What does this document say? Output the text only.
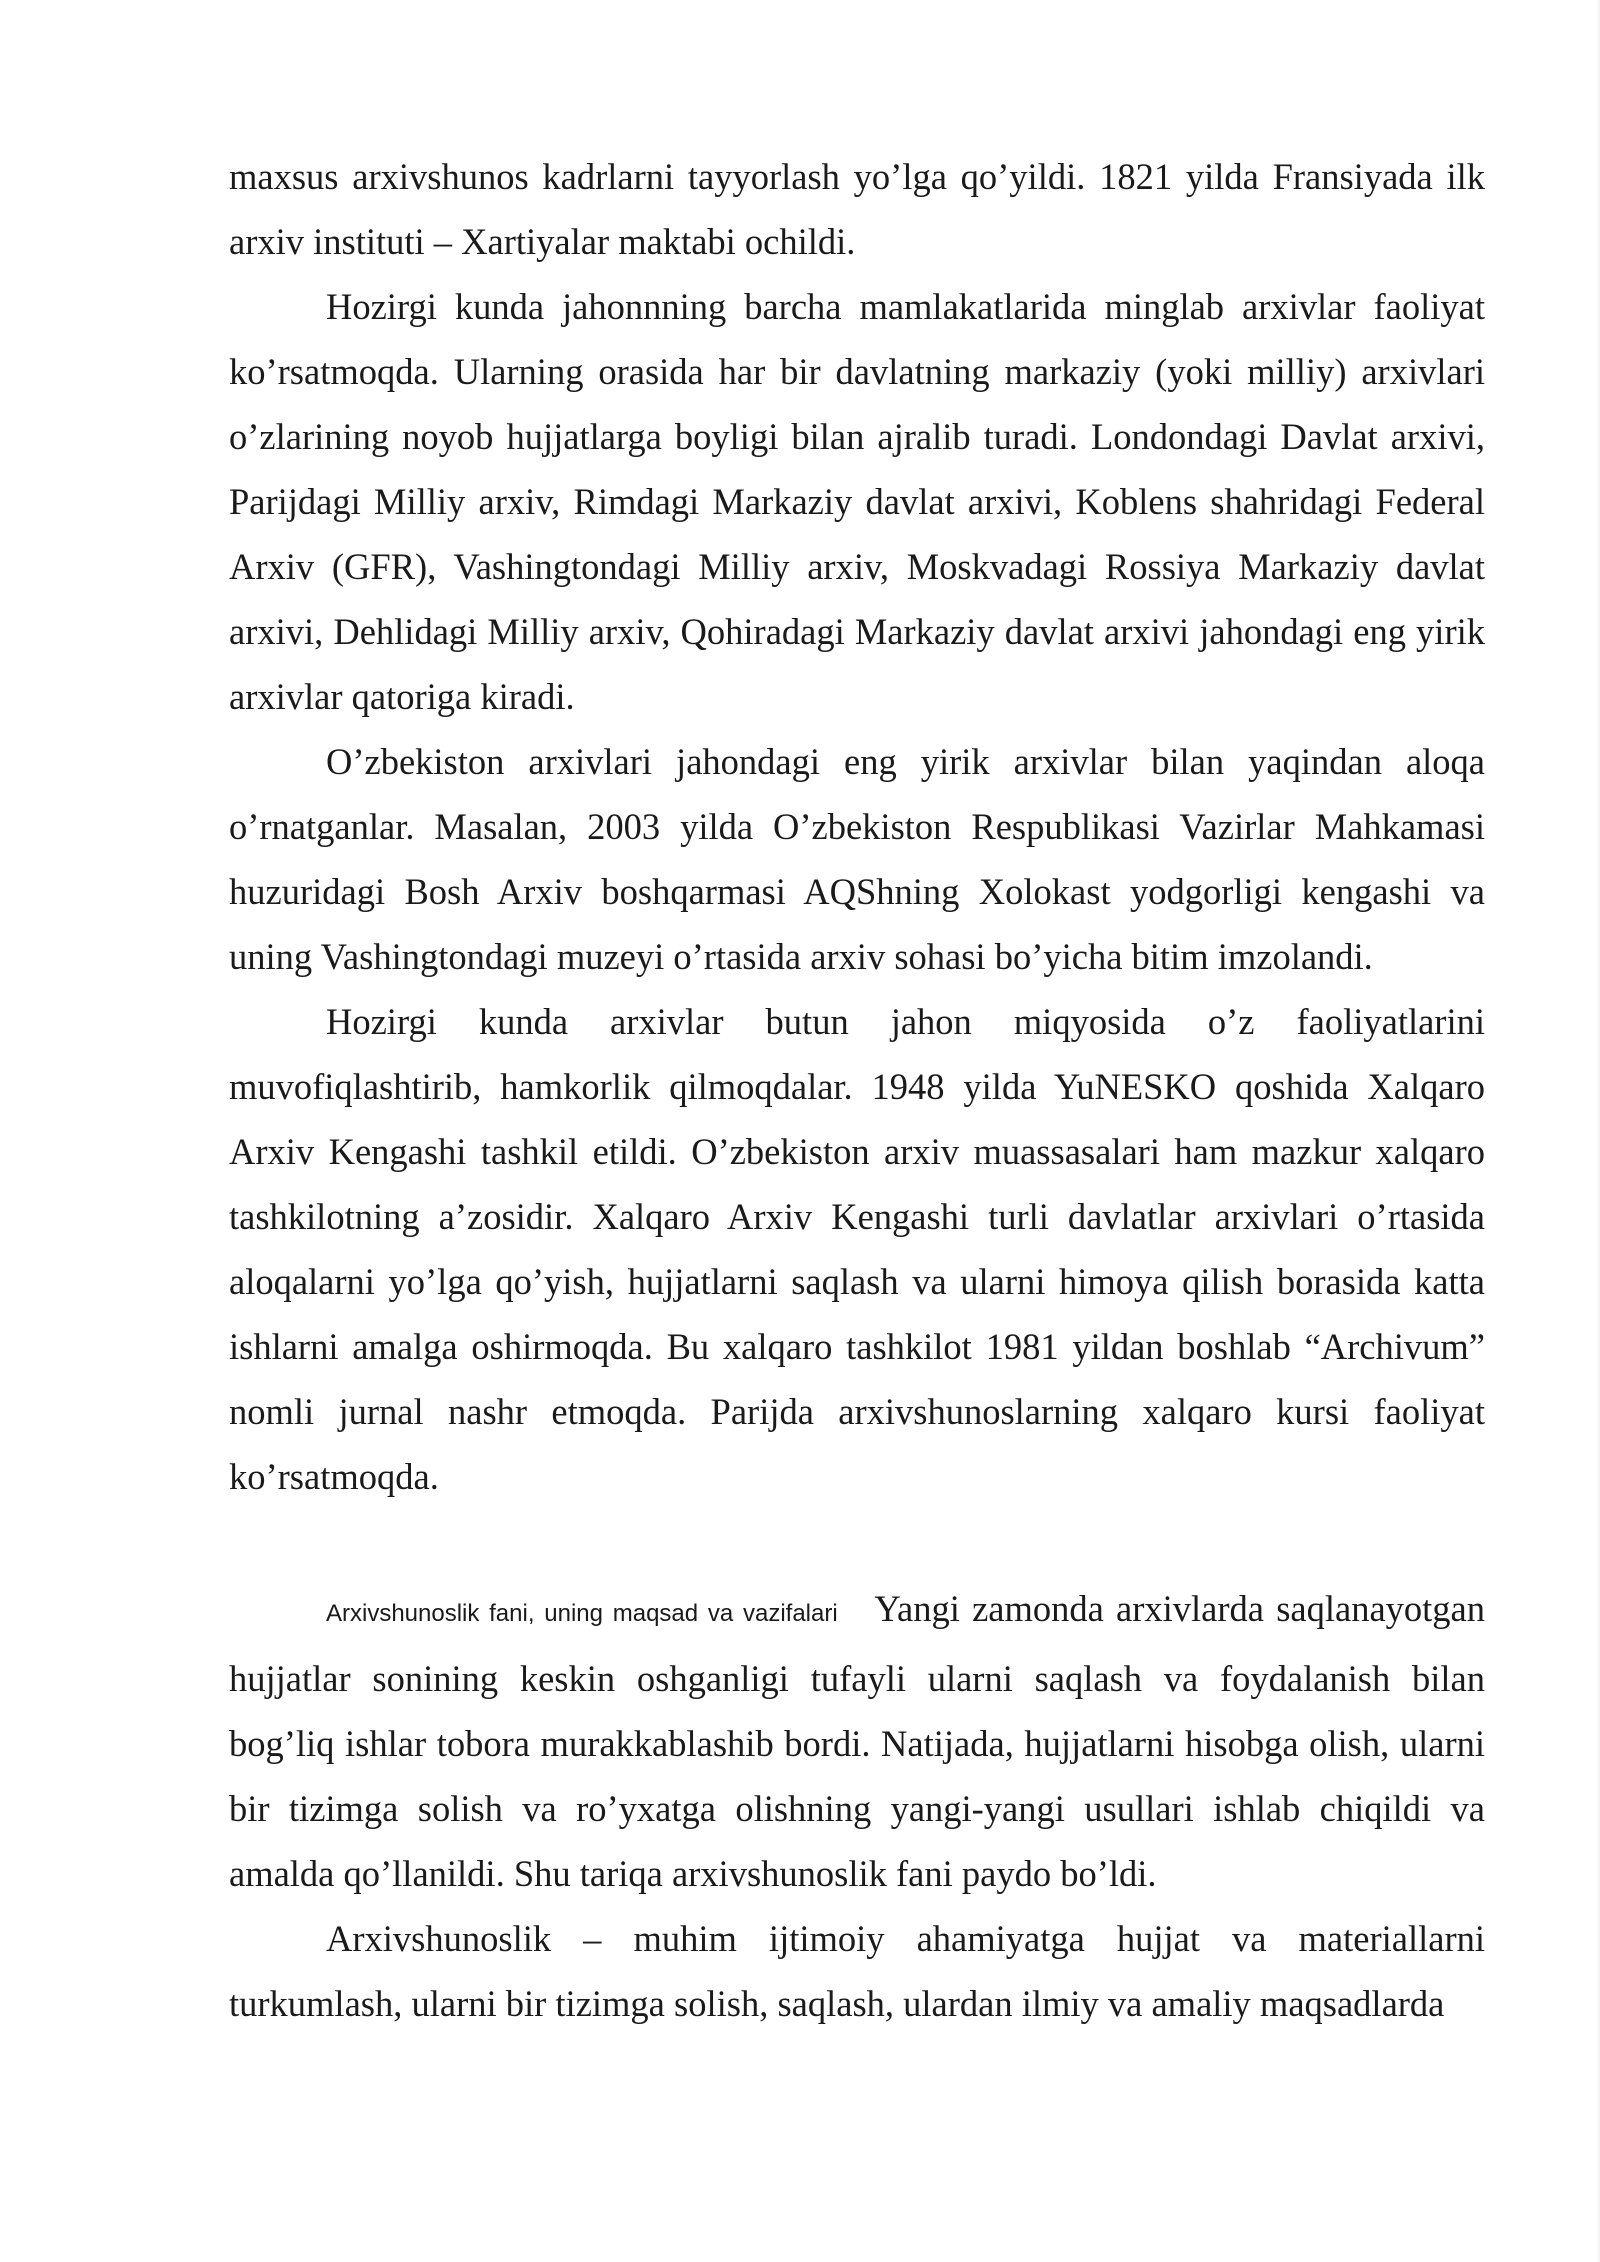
maxsus arxivshunos kadrlarni tayyorlash yo’lga qo’yildi. 1821 yilda Fransiyada ilk arxiv instituti – Xartiyalar maktabi ochildi.

Hozirgi kunda jahonnning barcha mamlakatlarida minglab arxivlar faoliyat ko’rsatmoqda. Ularning orasida har bir davlatning markaziy (yoki milliy) arxivlari o’zlarining noyob hujjatlarga boyligi bilan ajralib turadi. Londondagi Davlat arxivi, Parijdagi Milliy arxiv, Rimdagi Markaziy davlat arxivi, Koblens shahridagi Federal Arxiv (GFR), Vashingtondagi Milliy arxiv, Moskvadagi Rossiya Markaziy davlat arxivi, Dehlidagi Milliy arxiv, Qohiradagi Markaziy davlat arxivi jahondagi eng yirik arxivlar qatoriga kiradi.

O’zbekiston arxivlari jahondagi eng yirik arxivlar bilan yaqindan aloqa o’rnatganlar. Masalan, 2003 yilda O’zbekiston Respublikasi Vazirlar Mahkamasi huzuridagi Bosh Arxiv boshqarmasi AQShning Xolokast yodgorligi kengashi va uning Vashingtondagi muzeyi o’rtasida arxiv sohasi bo’yicha bitim imzolandi.

Hozirgi kunda arxivlar butun jahon miqyosida o’z faoliyatlarini muvofiqlashtirib, hamkorlik qilmoqdalar. 1948 yilda YuNESKO qoshida Xalqaro Arxiv Kengashi tashkil etildi. O’zbekiston arxiv muassasalari ham mazkur xalqaro tashkilotning a’zosidir. Xalqaro Arxiv Kengashi turli davlatlar arxivlari o’rtasida aloqalarni yo’lga qo’yish, hujjatlarni saqlash va ularni himoya qilish borasida katta ishlarni amalga oshirmoqda. Bu xalqaro tashkilot 1981 yildan boshlab “Archivum” nomli jurnal nashr etmoqda. Parijda arxivshunoslarning xalqaro kursi faoliyat ko’rsatmoqda.

Arxivshunoslik fani, uning maqsad va vazifalari Yangi zamonda arxivlarda saqlanayotgan hujjatlar sonining keskin oshganligi tufayli ularni saqlash va foydalanish bilan bog’liq ishlar tobora murakkablashib bordi. Natijada, hujjatlarni hisobga olish, ularni bir tizimga solish va ro’yxatga olishning yangi-yangi usullari ishlab chiqildi va amalda qo’llanildi. Shu tariqa arxivshunoslik fani paydo bo’ldi.

Arxivshunoslik – muhim ijtimoiy ahamiyatga hujjat va materiallarni turkumlash, ularni bir tizimga solish, saqlash, ulardan ilmiy va amaliy maqsadlarda
